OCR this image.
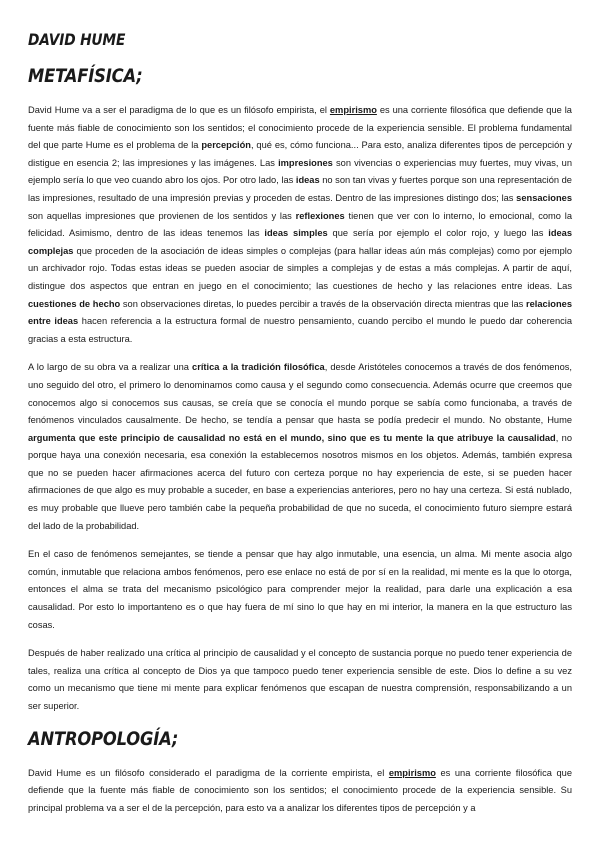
DAVID HUME
METAFÍSICA;

David Hume va a ser el paradigma de lo que es un filósofo empirista, el empirismo es una corriente filosófica que defiende que la fuente más fiable de conocimiento son los sentidos; el conocimiento procede de la experiencia sensible. El problema fundamental del que parte Hume es el problema de la percepción, qué es, cómo funciona... Para esto, analiza diferentes tipos de percepción y distigue en esencia 2; las impresiones y las imágenes. Las impresiones son vivencias o experiencias muy fuertes, muy vivas, un ejemplo sería lo que veo cuando abro los ojos. Por otro lado, las ideas no son tan vivas y fuertes porque son una representación de las impresiones, resultado de una impresión previas y proceden de estas. Dentro de las impresiones distingo dos; las sensaciones son aquellas impresiones que provienen de los sentidos y las reflexiones tienen que ver con lo interno, lo emocional, como la felicidad. Asimismo, dentro de las ideas tenemos las ideas simples que sería por ejemplo el color rojo, y luego las ideas complejas que proceden de la asociación de ideas simples o complejas (para hallar ideas aún más complejas) como por ejemplo un archivador rojo. Todas estas ideas se pueden asociar de simples a complejas y de estas a más complejas. A partir de aquí, distingue dos aspectos que entran en juego en el conocimiento; las cuestiones de hecho y las relaciones entre ideas. Las cuestiones de hecho son observaciones diretas, lo puedes percibir a través de la observación directa mientras que las relaciones entre ideas hacen referencia a la estructura formal de nuestro pensamiento, cuando percibo el mundo le puedo dar coherencia gracias a esta estructura.

A lo largo de su obra va a realizar una crítica a la tradición filosófica, desde Aristóteles conocemos a través de dos fenómenos, uno seguido del otro, el primero lo denominamos como causa y el segundo como consecuencia. Además ocurre que creemos que conocemos algo si conocemos sus causas, se creía que se conocía el mundo porque se sabía como funcionaba, a través de fenómenos vinculados causalmente. De hecho, se tendía a pensar que hasta se podía predecir el mundo. No obstante, Hume argumenta que este principio de causalidad no está en el mundo, sino que es tu mente la que atribuye la causalidad, no porque haya una conexión necesaria, esa conexión la establecemos nosotros mismos en los objetos. Además, también expresa que no se pueden hacer afirmaciones acerca del futuro con certeza porque no hay experiencia de este, si se pueden hacer afirmaciones de que algo es muy probable a suceder, en base a experiencias anteriores, pero no hay una certeza. Si está nublado, es muy probable que llueve pero también cabe la pequeña probabilidad de que no suceda, el conocimiento futuro siempre estará del lado de la probabilidad.

En el caso de fenómenos semejantes, se tiende a pensar que hay algo inmutable, una esencia, un alma. Mi mente asocia algo común, inmutable que relaciona ambos fenómenos, pero ese enlace no está de por sí en la realidad, mi mente es la que lo otorga, entonces el alma se trata del mecanismo psicológico para comprender mejor la realidad, para darle una explicación a esa causalidad. Por esto lo importanteno es o que hay fuera de mí sino lo que hay en mi interior, la manera en la que estructuro las cosas.

Después de haber realizado una crítica al principio de causalidad y el concepto de sustancia porque no puedo tener experiencia de tales, realiza una crítica al concepto de Dios ya que tampoco puedo tener experiencia sensible de este. Dios lo define a su vez como un mecanismo que tiene mi mente para explicar fenómenos que escapan de nuestra comprensión, responsabilizando a un ser superior.

ANTROPOLOGÍA;

David Hume es un filósofo considerado el paradigma de la corriente empirista, el empirismo es una corriente filosófica que defiende que la fuente más fiable de conocimiento son los sentidos; el conocimiento procede de la experiencia sensible. Su principal problema va a ser el de la percepción, para esto va a analizar los diferentes tipos de percepción y a
